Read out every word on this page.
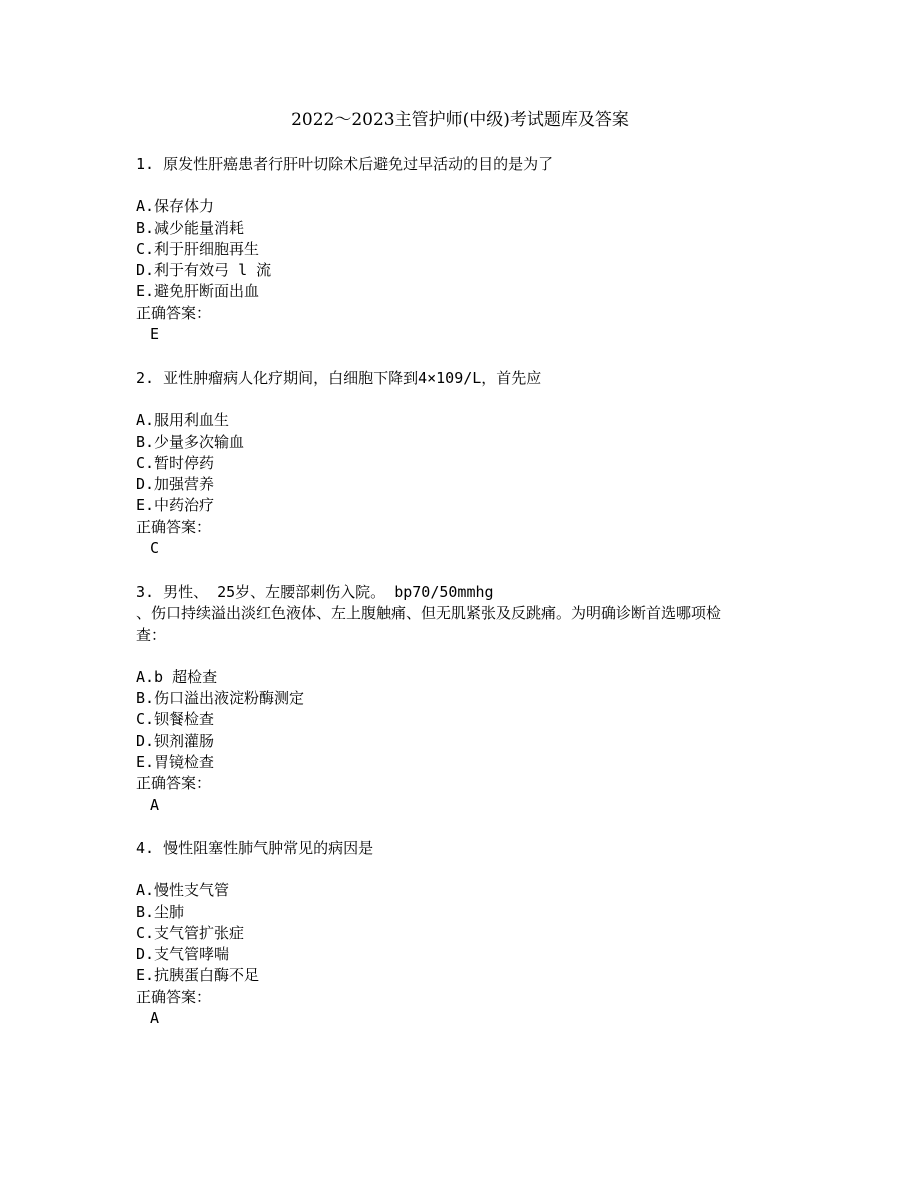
2022～2023主管护师(中级)考试题库及答案
1. 原发性肝癌患者行肝叶切除术后避免过早活动的目的是为了
A.保存体力
B.减少能量消耗
C.利于肝细胞再生
D.利于有效弓 l 流
E.避免肝断面出血
正确答案：
E
2. 亚性肿瘤病人化疗期间，白细胞下降到4×109/L，首先应
A.服用利血生
B.少量多次输血
C.暂时停药
D.加强营养
E.中药治疗
正确答案：
C
3. 男性、 25岁、左腰部刺伤入院。 bp70/50mmhg
、伤口持续溢出淡红色液体、左上腹触痛、但无肌紧张及反跳痛。为明确诊断首选哪项检
查：
A.b 超检查
B.伤口溢出液淀粉酶测定
C.钡餐检查
D.钡剂灌肠
E.胃镜检查
正确答案：
A
4. 慢性阻塞性肺气肿常见的病因是
A.慢性支气管
B.尘肺
C.支气管扩张症
D.支气管哮喘
E.抗胰蛋白酶不足
正确答案：
A
